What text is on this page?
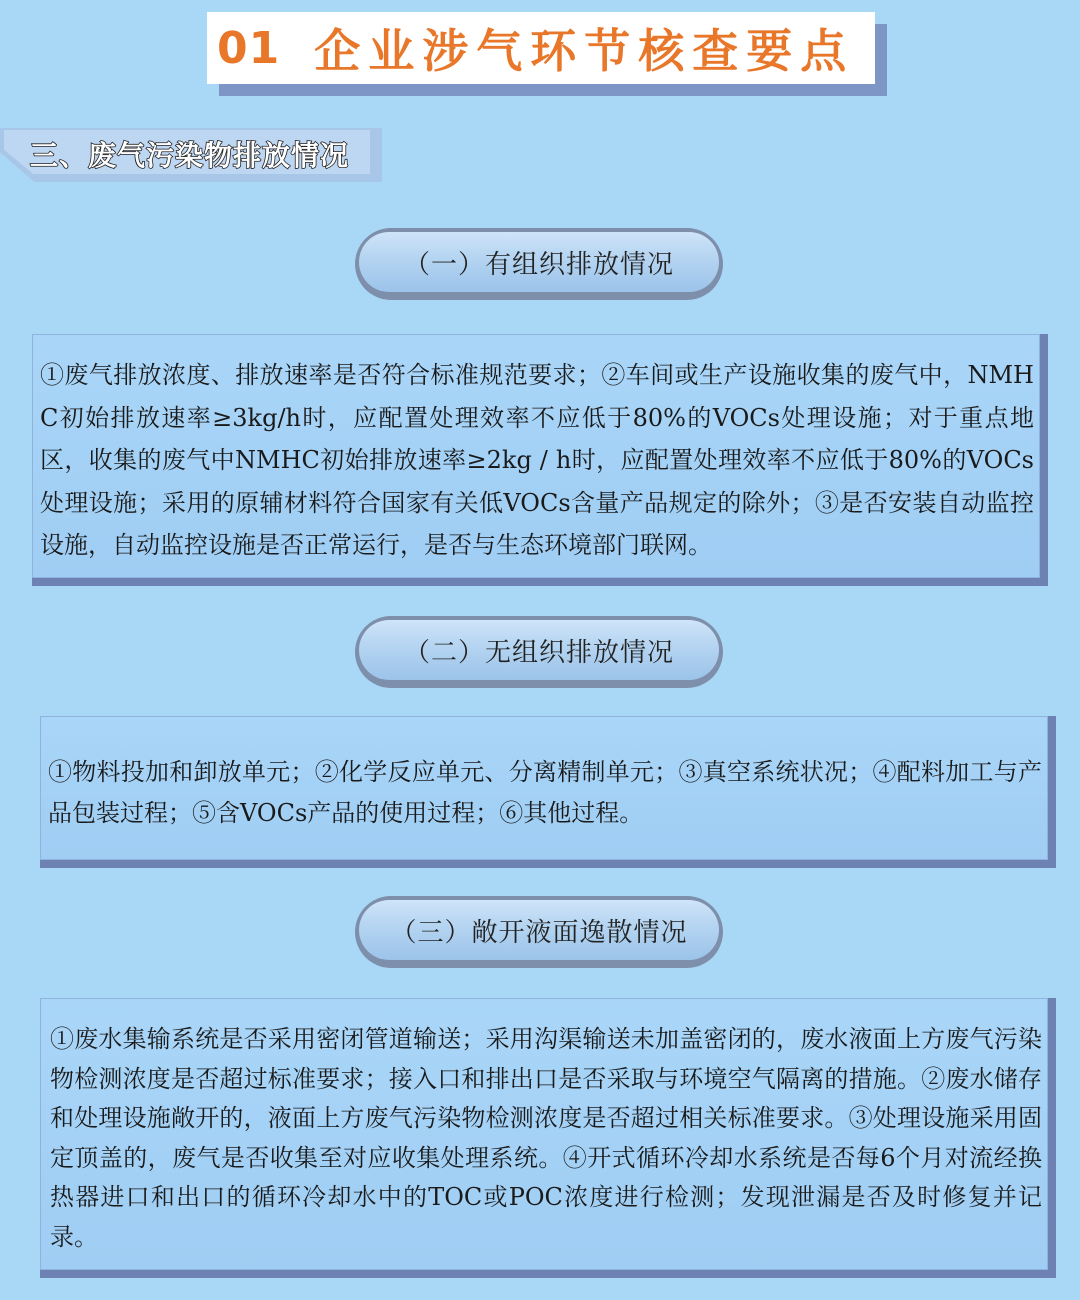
01 企业涉气环节核查要点
三、废气污染物排放情况
（一）有组织排放情况

①废气排放浓度、排放速率是否符合标准规范要求；②车间或生产设施收集的废气中，NMHC初始排放速率≥3kg/h时，应配置处理效率不应低于80%的VOCs处理设施；对于重点地区，收集的废气中NMHC初始排放速率≥2kg / h时，应配置处理效率不应低于80%的VOCs处理设施；采用的原辅材料符合国家有关低VOCs含量产品规定的除外；③是否安装自动监控设施，自动监控设施是否正常运行，是否与生态环境部门联网。

（二）无组织排放情况

①物料投加和卸放单元；②化学反应单元、分离精制单元；③真空系统状况；④配料加工与产品包装过程；⑤含VOCs产品的使用过程；⑥其他过程。

（三）敞开液面逸散情况

①废水集输系统是否采用密闭管道输送；采用沟渠输送未加盖密闭的，废水液面上方废气污染物检测浓度是否超过标准要求；接入口和排出口是否采取与环境空气隔离的措施。②废水储存和处理设施敞开的，液面上方废气污染物检测浓度是否超过相关标准要求。③处理设施采用固定顶盖的，废气是否收集至对应收集处理系统。④开式循环冷却水系统是否每6个月对流经换热器进口和出口的循环冷却水中的TOC或POC浓度进行检测；发现泄漏是否及时修复并记录。
